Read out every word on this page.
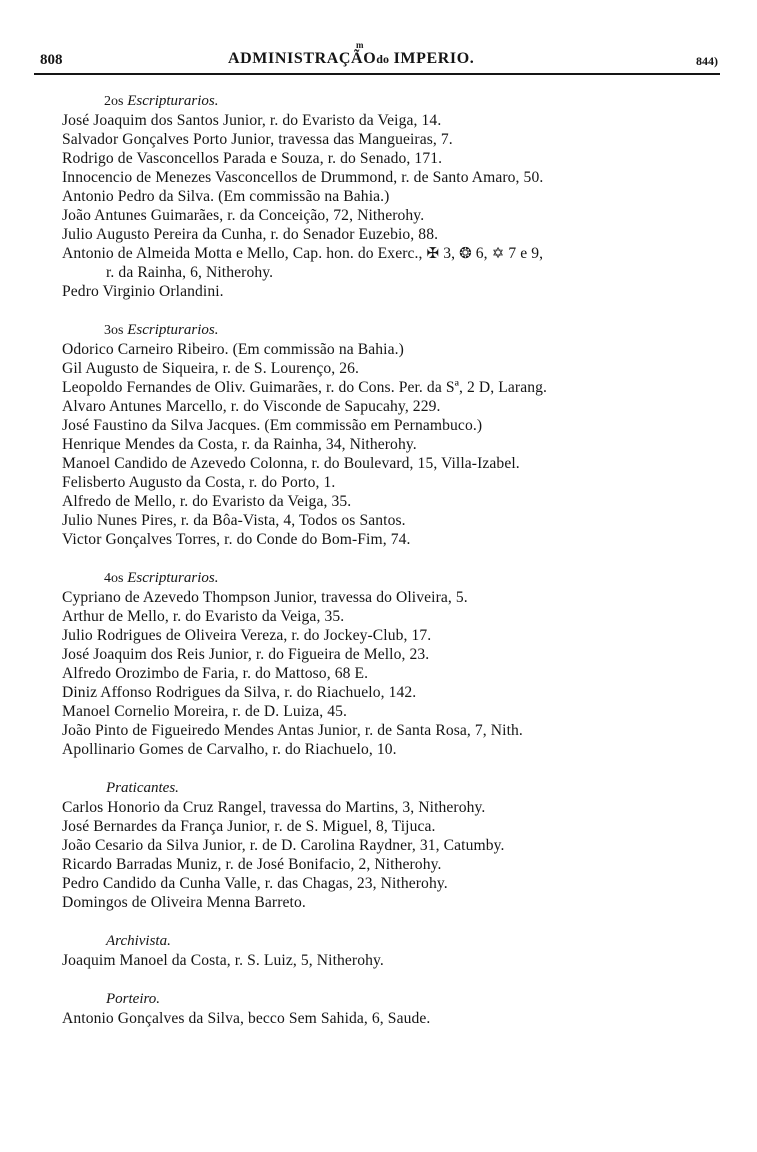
808	ADMINISTRAÇÃO
m
do IMPERIO.	844)
2os Escripturarios.
José Joaquim dos Santos Junior, r. do Evaristo da Veiga, 14.
Salvador Gonçalves Porto Junior, travessa das Mangueiras, 7.
Rodrigo de Vasconcellos Parada e Souza, r. do Senado, 171.
Innocencio de Menezes Vasconcellos de Drummond, r. de Santo Amaro, 50.
Antonio Pedro da Silva. (Em commissão na Bahia.)
João Antunes Guimarães, r. da Conceição, 72, Nitherohy.
Julio Augusto Pereira da Cunha, r. do Senador Euzebio, 88.
Antonio de Almeida Motta e Mello, Cap. hon. do Exerc., ✠ 3, ❂ 6, ✡ 7 e 9,
r. da Rainha, 6, Nitherohy.
Pedro Virginio Orlandini.
3os Escripturarios.
Odorico Carneiro Ribeiro. (Em commissão na Bahia.)
Gil Augusto de Siqueira, r. de S. Lourenço, 26.
Leopoldo Fernandes de Oliv. Guimarães, r. do Cons. Per. da Sª, 2 D, Larang.
Alvaro Antunes Marcello, r. do Visconde de Sapucahy, 229.
José Faustino da Silva Jacques. (Em commissão em Pernambuco.)
Henrique Mendes da Costa, r. da Rainha, 34, Nitherohy.
Manoel Candido de Azevedo Colonna, r. do Boulevard, 15, Villa-Izabel.
Felisberto Augusto da Costa, r. do Porto, 1.
Alfredo de Mello, r. do Evaristo da Veiga, 35.
Julio Nunes Pires, r. da Bôa-Vista, 4, Todos os Santos.
Victor Gonçalves Torres, r. do Conde do Bom-Fim, 74.
4os Escripturarios.
Cypriano de Azevedo Thompson Junior, travessa do Oliveira, 5.
Arthur de Mello, r. do Evaristo da Veiga, 35.
Julio Rodrigues de Oliveira Vereza, r. do Jockey-Club, 17.
José Joaquim dos Reis Junior, r. do Figueira de Mello, 23.
Alfredo Orozimbo de Faria, r. do Mattoso, 68 E.
Diniz Affonso Rodrigues da Silva, r. do Riachuelo, 142.
Manoel Cornelio Moreira, r. de D. Luiza, 45.
João Pinto de Figueiredo Mendes Antas Junior, r. de Santa Rosa, 7, Nith.
Apollinario Gomes de Carvalho, r. do Riachuelo, 10.
Praticantes.
Carlos Honorio da Cruz Rangel, travessa do Martins, 3, Nitherohy.
José Bernardes da França Junior, r. de S. Miguel, 8, Tijuca.
João Cesario da Silva Junior, r. de D. Carolina Raydner, 31, Catumby.
Ricardo Barradas Muniz, r. de José Bonifacio, 2, Nitherohy.
Pedro Candido da Cunha Valle, r. das Chagas, 23, Nitherohy.
Domingos de Oliveira Menna Barreto.
Archivista.
Joaquim Manoel da Costa, r. S. Luiz, 5, Nitherohy.
Porteiro.
Antonio Gonçalves da Silva, becco Sem Sahida, 6, Saude.
